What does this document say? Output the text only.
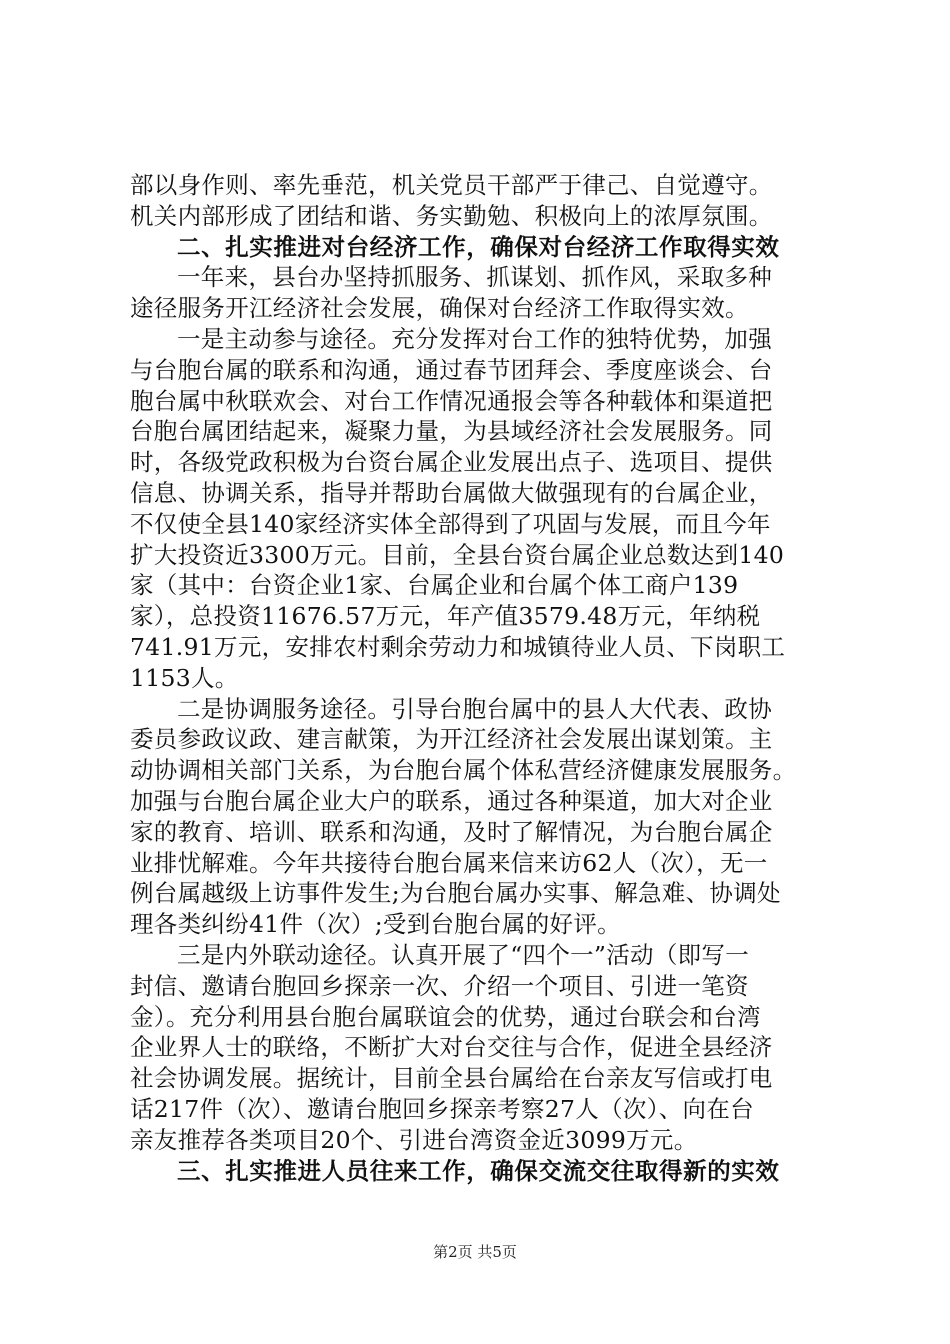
部以身作则、率先垂范，机关党员干部严于律己、自觉遵守。
机关内部形成了团结和谐、务实勤勉、积极向上的浓厚氛围。
二、扎实推进对台经济工作，确保对台经济工作取得实效
一年来，县台办坚持抓服务、抓谋划、抓作风，采取多种
途径服务开江经济社会发展，确保对台经济工作取得实效。
一是主动参与途径。充分发挥对台工作的独特优势，加强
与台胞台属的联系和沟通，通过春节团拜会、季度座谈会、台
胞台属中秋联欢会、对台工作情况通报会等各种载体和渠道把
台胞台属团结起来，凝聚力量，为县域经济社会发展服务。同
时，各级党政积极为台资台属企业发展出点子、选项目、提供
信息、协调关系，指导并帮助台属做大做强现有的台属企业，
不仅使全县140家经济实体全部得到了巩固与发展，而且今年
扩大投资近3300万元。目前，全县台资台属企业总数达到140
家（其中：台资企业1家、台属企业和台属个体工商户139
家），总投资11676.57万元，年产值3579.48万元，年纳税
741.91万元，安排农村剩余劳动力和城镇待业人员、下岗职工
1153人。
二是协调服务途径。引导台胞台属中的县人大代表、政协
委员参政议政、建言献策，为开江经济社会发展出谋划策。主
动协调相关部门关系，为台胞台属个体私营经济健康发展服务。
加强与台胞台属企业大户的联系，通过各种渠道，加大对企业
家的教育、培训、联系和沟通，及时了解情况，为台胞台属企
业排忧解难。今年共接待台胞台属来信来访62人（次），无一
例台属越级上访事件发生;为台胞台属办实事、解急难、协调处
理各类纠纷41件（次）;受到台胞台属的好评。
三是内外联动途径。认真开展了“四个一”活动（即写一
封信、邀请台胞回乡探亲一次、介绍一个项目、引进一笔资
金）。充分利用县台胞台属联谊会的优势，通过台联会和台湾
企业界人士的联络，不断扩大对台交往与合作，促进全县经济
社会协调发展。据统计，目前全县台属给在台亲友写信或打电
话217件（次）、邀请台胞回乡探亲考察27人（次）、向在台
亲友推荐各类项目20个、引进台湾资金近3099万元。
三、扎实推进人员往来工作，确保交流交往取得新的实效
第2页 共5页
